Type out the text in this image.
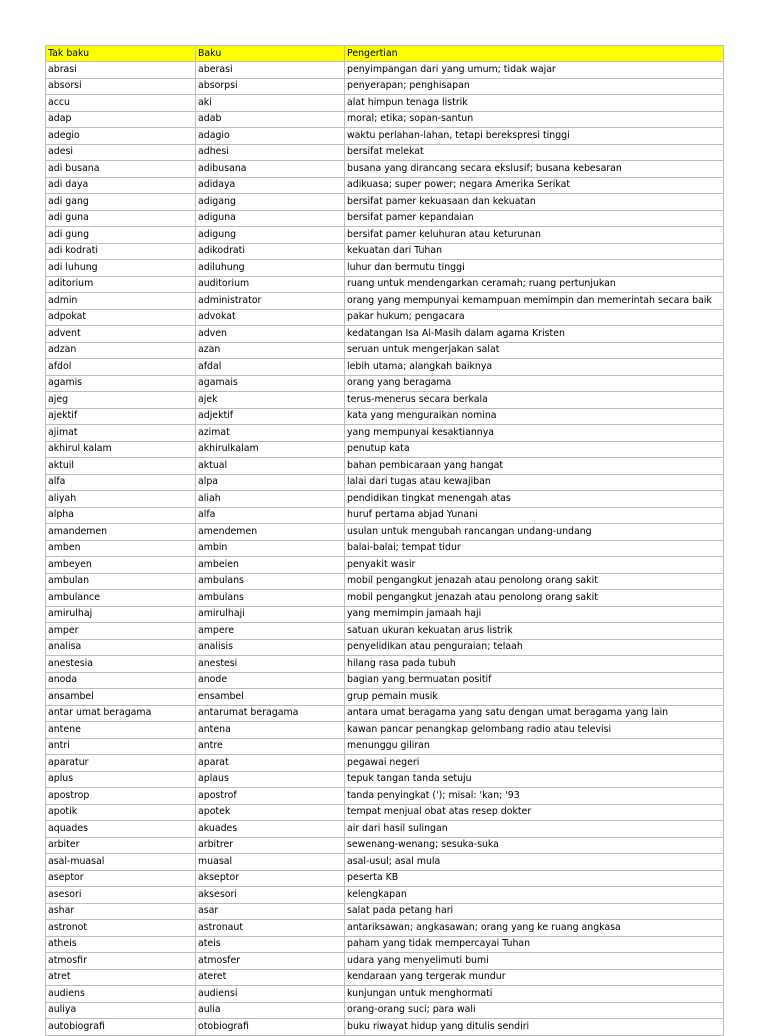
Tak baku	Baku	Pengertian
abrasi	aberasi	penyimpangan dari yang umum; tidak wajar
absorsi	absorpsi	penyerapan; penghisapan
accu	aki	alat himpun tenaga listrik
adap	adab	moral; etika; sopan-santun
adegio	adagio	waktu perlahan-lahan, tetapi berekspresi tinggi
adesi	adhesi	bersifat melekat
adi busana	adibusana	busana yang dirancang secara ekslusif; busana kebesaran
adi daya	adidaya	adikuasa; super power; negara Amerika Serikat
adi gang	adigang	bersifat pamer kekuasaan dan kekuatan
adi guna	adiguna	bersifat pamer kepandaian
adi gung	adigung	bersifat pamer keluhuran atau keturunan
adi kodrati	adikodrati	kekuatan dari Tuhan
adi luhung	adiluhung	luhur dan bermutu tinggi
aditorium	auditorium	ruang untuk mendengarkan ceramah; ruang pertunjukan
admin	administrator	orang yang mempunyai kemampuan memimpin dan memerintah secara baik
adpokat	advokat	pakar hukum; pengacara
advent	adven	kedatangan Isa Al-Masih dalam agama Kristen
adzan	azan	seruan untuk mengerjakan salat
afdol	afdal	lebih utama; alangkah baiknya
agamis	agamais	orang yang beragama
ajeg	ajek	terus-menerus secara berkala
ajektif	adjektif	kata yang menguraikan nomina
ajimat	azimat	yang mempunyai kesaktiannya
akhirul kalam	akhirulkalam	penutup kata
aktuil	aktual	bahan pembicaraan yang hangat
alfa	alpa	lalai dari tugas atau kewajiban
aliyah	aliah	pendidikan tingkat menengah atas
alpha	alfa	huruf pertama abjad Yunani
amandemen	amendemen	usulan untuk mengubah rancangan undang-undang
amben	ambin	balai-balai; tempat tidur
ambeyen	ambeien	penyakit wasir
ambulan	ambulans	mobil pengangkut jenazah atau penolong orang sakit
ambulance	ambulans	mobil pengangkut jenazah atau penolong orang sakit
amirulhaj	amirulhaji	yang memimpin jamaah haji
amper	ampere	satuan ukuran kekuatan arus listrik
analisa	analisis	penyelidikan atau penguraian; telaah
anestesia	anestesi	hilang rasa pada tubuh
anoda	anode	bagian yang bermuatan positif
ansambel	ensambel	grup pemain musik
antar umat beragama	antarumat beragama	antara umat beragama yang satu dengan umat beragama yang lain
antene	antena	kawan pancar penangkap gelombang radio atau televisi
antri	antre	menunggu giliran
aparatur	aparat	pegawai negeri
aplus	aplaus	tepuk tangan tanda setuju
apostrop	apostrof	tanda penyingkat ('); misal: 'kan; '93
apotik	apotek	tempat menjual obat atas resep dokter
aquades	akuades	air dari hasil sulingan
arbiter	arbitrer	sewenang-wenang; sesuka-suka
asal-muasal	muasal	asal-usul; asal mula
aseptor	akseptor	peserta KB
asesori	aksesori	kelengkapan
ashar	asar	salat pada petang hari
astronot	astronaut	antariksawan; angkasawan; orang yang ke ruang angkasa
atheis	ateis	paham yang tidak mempercayai Tuhan
atmosfir	atmosfer	udara yang menyelimuti bumi
atret	ateret	kendaraan yang tergerak mundur
audiens	audiensi	kunjungan untuk menghormati
auliya	aulia	orang-orang suci; para wali
autobiografi	otobiografi	buku riwayat hidup yang ditulis sendiri
